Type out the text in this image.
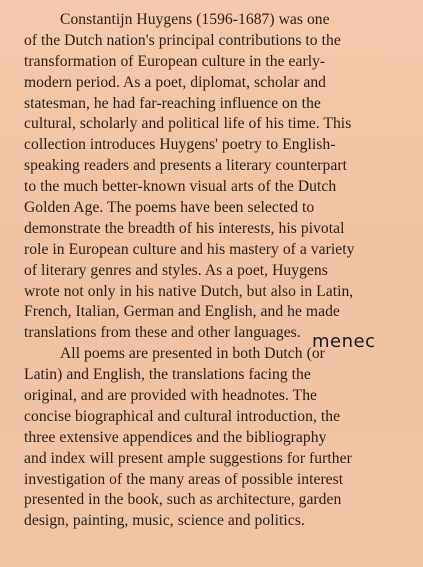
Constantijn Huygens (1596-1687) was one
of the Dutch nation's principal contributions to the
transformation of European culture in the early-
modern period. As a poet, diplomat, scholar and
statesman, he had far-reaching influence on the
cultural, scholarly and political life of his time. This
collection introduces Huygens' poetry to English-
speaking readers and presents a literary counterpart
to the much better-known visual arts of the Dutch
Golden Age. The poems have been selected to
demonstrate the breadth of his interests, his pivotal
role in European culture and his mastery of a variety
of literary genres and styles. As a poet, Huygens
wrote not only in his native Dutch, but also in Latin,
French, Italian, German and English, and he made
translations from these and other languages.
All poems are presented in both Dutch (or
Latin) and English, the translations facing the
original, and are provided with headnotes. The
concise biographical and cultural introduction, the
three extensive appendices and the bibliography
and index will present ample suggestions for further
investigation of the many areas of possible interest
presented in the book, such as architecture, garden
design, painting, music, science and politics.
menec
